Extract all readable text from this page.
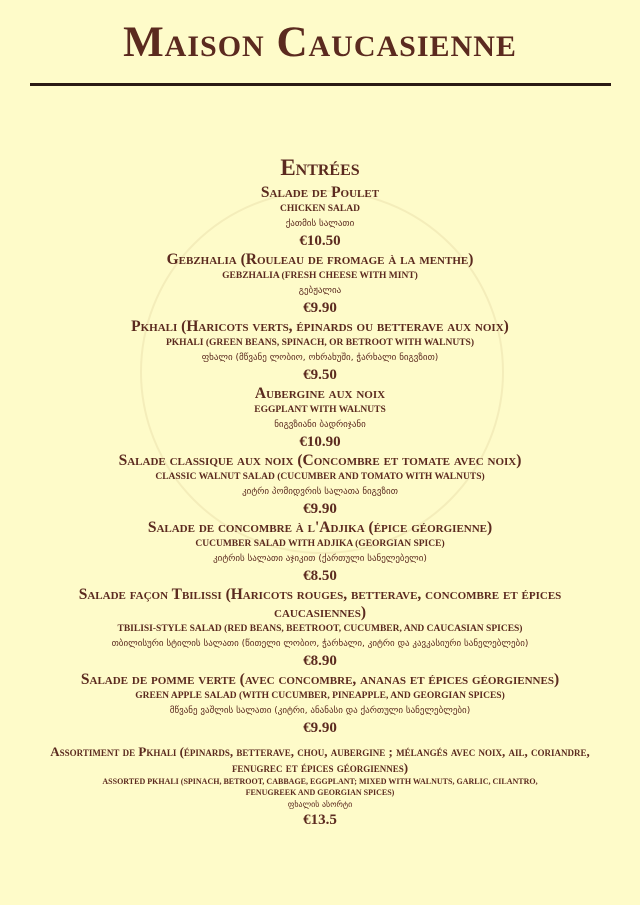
Maison Caucasienne
Entrées
Salade de Poulet
CHICKEN SALAD
ქათმის სალათი
€10.50
Gebzhalia (Rouleau de fromage à la menthe)
GEBZHALIA (FRESH CHEESE WITH MINT)
გებჟალია
€9.90
Pkhali (Haricots verts, épinards ou betterave aux noix)
PKHALI (GREEN BEANS, SPINACH, OR BETROOT WITH WALNUTS)
ფხალი (მწვანე ლობიო, ოხრახუში, ჭარხალი ნიგვზით)
€9.50
Aubergine aux noix
EGGPLANT WITH WALNUTS
ნიგვზიანი ბადრიჯანი
€10.90
Salade classique aux noix (Concombre et tomate avec noix)
CLASSIC WALNUT SALAD (CUCUMBER AND TOMATO WITH WALNUTS)
კიტრი პომიდვრის სალათა ნიგვზით
€9.90
Salade de concombre à l'Adjika (épice géorgienne)
CUCUMBER SALAD WITH ADJIKA (GEORGIAN SPICE)
კიტრის სალათი აჯიკით (ქართული სანელებელი)
€8.50
Salade façon Tbilissi (Haricots rouges, betterave, concombre et épices caucasiennes)
TBILISI-STYLE SALAD (RED BEANS, BEETROOT, CUCUMBER, AND CAUCASIAN SPICES)
თბილისური სტილის სალათი (წითელი ლობიო, ჭარხალი, კიტრი და კავკასიური სანელებლები)
€8.90
Salade de pomme verte (avec concombre, ananas et épices géorgiennes)
GREEN APPLE SALAD (WITH CUCUMBER, PINEAPPLE, AND GEORGIAN SPICES)
მწვანე ვაშლის სალათი (კიტრი, ანანასი და ქართული სანელებლები)
€9.90
Assortiment de Pkhali (épinards, betterave, chou, aubergine ; mélangés avec noix, ail, coriandre, fenugrec et épices géorgiennes)
ASSORTED PKHALI (SPINACH, BETROOT, CABBAGE, EGGPLANT; MIXED WITH WALNUTS, GARLIC, CILANTRO, FENUGREEK AND GEORGIAN SPICES)
ფხალის ასორტი
€13.5
